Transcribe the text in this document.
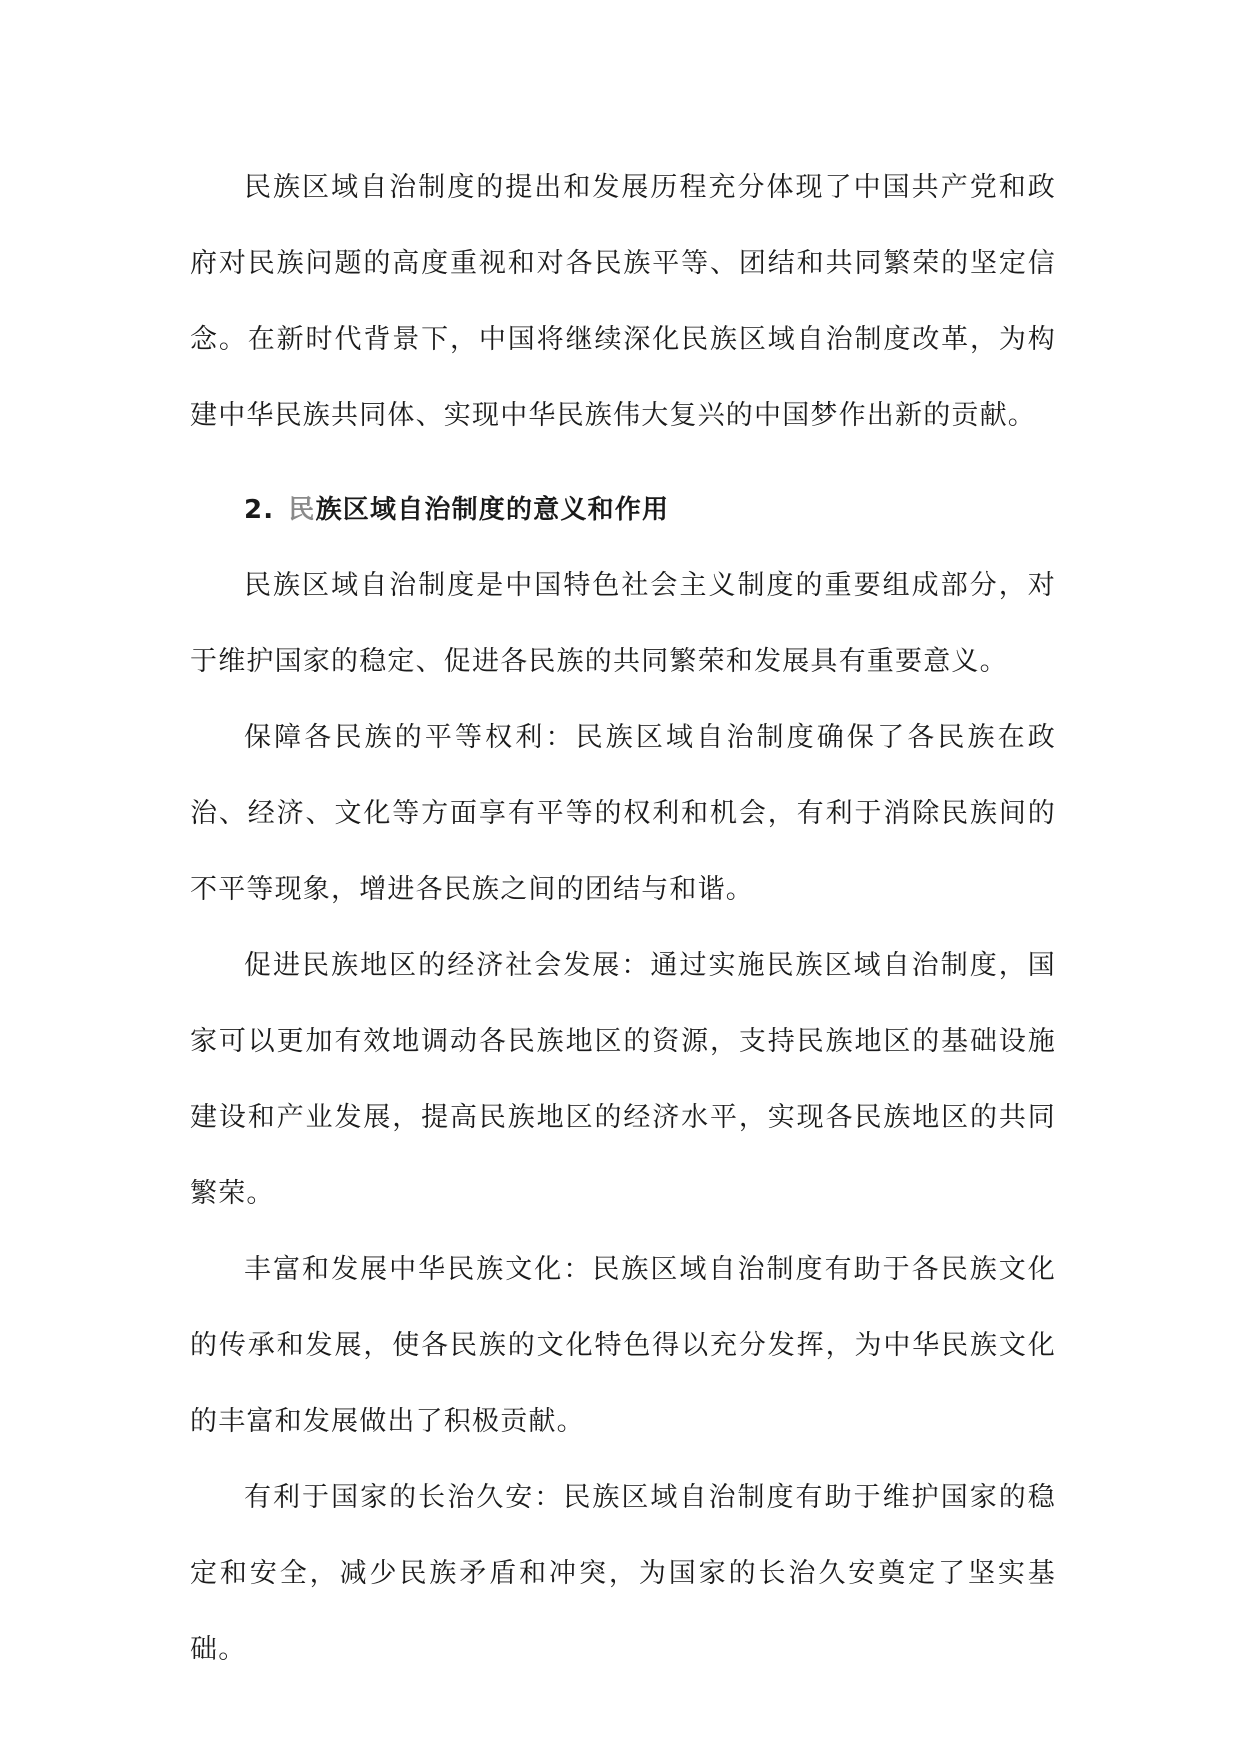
民族区域自治制度的提出和发展历程充分体现了中国共产党和政府对民族问题的高度重视和对各民族平等、团结和共同繁荣的坚定信念。在新时代背景下，中国将继续深化民族区域自治制度改革，为构建中华民族共同体、实现中华民族伟大复兴的中国梦作出新的贡献。

2. 民族区域自治制度的意义和作用

民族区域自治制度是中国特色社会主义制度的重要组成部分，对于维护国家的稳定、促进各民族的共同繁荣和发展具有重要意义。

保障各民族的平等权利：民族区域自治制度确保了各民族在政治、经济、文化等方面享有平等的权利和机会，有利于消除民族间的不平等现象，增进各民族之间的团结与和谐。

促进民族地区的经济社会发展：通过实施民族区域自治制度，国家可以更加有效地调动各民族地区的资源，支持民族地区的基础设施建设和产业发展，提高民族地区的经济水平，实现各民族地区的共同繁荣。

丰富和发展中华民族文化：民族区域自治制度有助于各民族文化的传承和发展，使各民族的文化特色得以充分发挥，为中华民族文化的丰富和发展做出了积极贡献。

有利于国家的长治久安：民族区域自治制度有助于维护国家的稳定和安全，减少民族矛盾和冲突，为国家的长治久安奠定了坚实基础。
